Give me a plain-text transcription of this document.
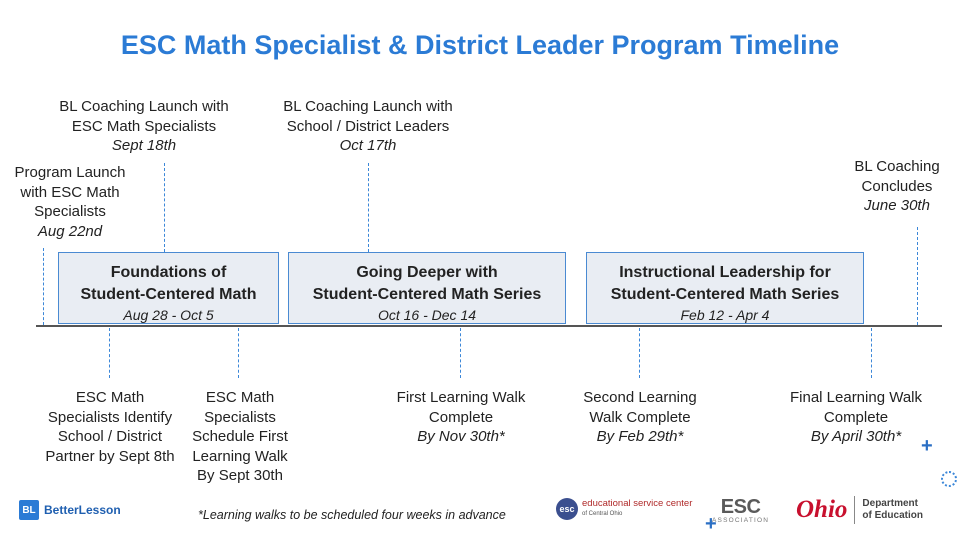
ESC Math Specialist & District Leader Program Timeline
Program Launch
with ESC Math
Specialists
Aug 22nd
BL Coaching Launch with
ESC Math Specialists
Sept 18th
BL Coaching Launch with
School / District Leaders
Oct 17th
BL Coaching
Concludes
June 30th
Foundations of
Student-Centered Math
Aug 28 - Oct 5
Going Deeper with
Student-Centered Math Series
Oct 16 - Dec 14
Instructional Leadership for
Student-Centered Math Series
Feb 12 - Apr 4
ESC Math
Specialists Identify
School / District
Partner by Sept 8th
ESC Math
Specialists
Schedule First
Learning Walk
By Sept 30th
First Learning Walk
Complete
By Nov 30th*
Second Learning
Walk Complete
By Feb 29th*
Final Learning Walk
Complete
By April 30th* +
+
*Learning walks to be scheduled four weeks in advance
BL BetterLesson	esc educational service center
of Central Ohio	ESC
ASSOCIATION Ohio Department
of Education
